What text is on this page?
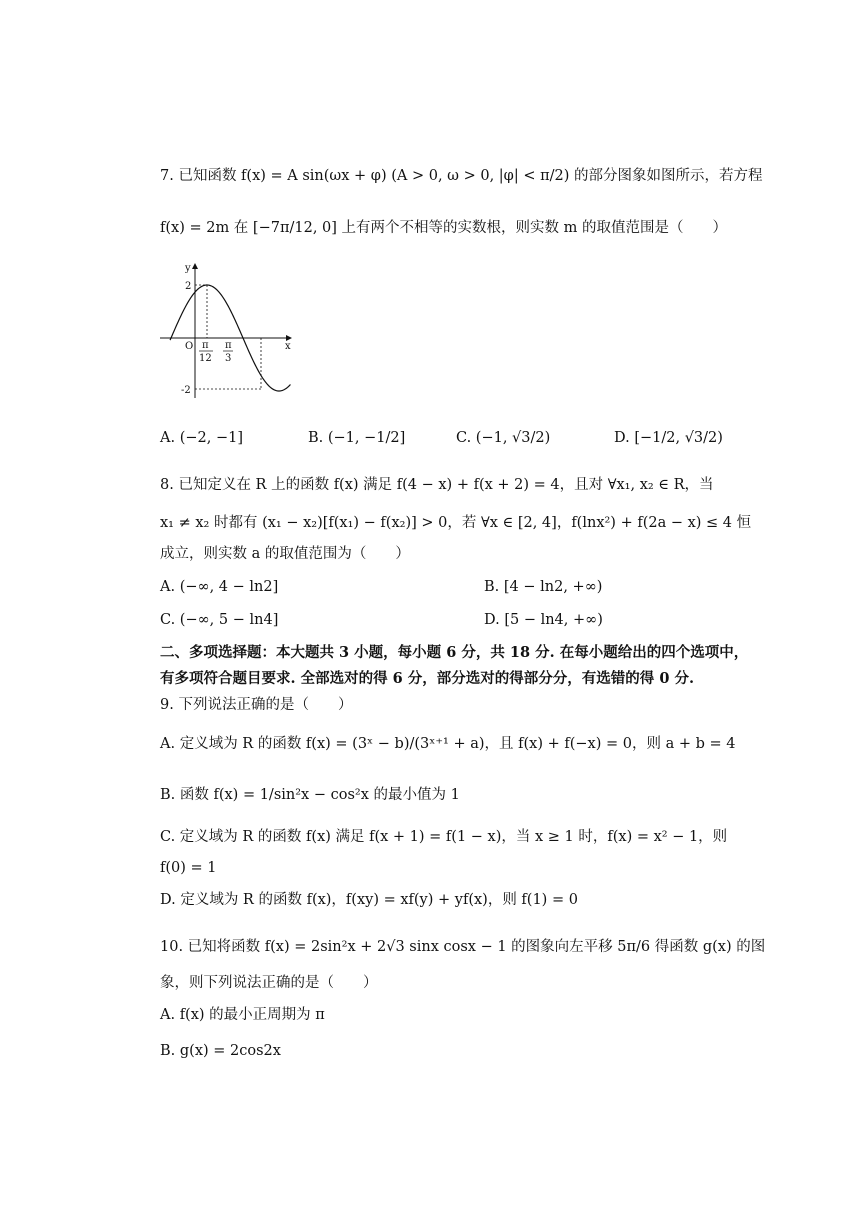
7. 已知函数 f(x) = A sin(ωx + φ) (A > 0, ω > 0, |φ| < π/2) 的部分图象如图所示，若方程
f(x) = 2m 在 [−7π/12, 0] 上有两个不相等的实数根，则实数 m 的取值范围是（　　）
y
x
O
2
-2
π
12
π
3
A. (−2, −1]	B. (−1, −1/2]	C. (−1, √3/2)	D. [−1/2, √3/2)
8. 已知定义在 R 上的函数 f(x) 满足 f(4 − x) + f(x + 2) = 4，且对 ∀x₁, x₂ ∈ R，当
x₁ ≠ x₂ 时都有 (x₁ − x₂)[f(x₁) − f(x₂)] > 0，若 ∀x ∈ [2, 4]，f(lnx²) + f(2a − x) ≤ 4 恒
成立，则实数 a 的取值范围为（　　）
A. (−∞, 4 − ln2]	B. [4 − ln2, +∞)
C. (−∞, 5 − ln4]	D. [5 − ln4, +∞)
二、多项选择题：本大题共 3 小题，每小题 6 分，共 18 分. 在每小题给出的四个选项中，
有多项符合题目要求. 全部选对的得 6 分，部分选对的得部分分，有选错的得 0 分.
9. 下列说法正确的是（　　）
A. 定义域为 R 的函数 f(x) = (3ˣ − b)/(3ˣ⁺¹ + a)，且 f(x) + f(−x) = 0，则 a + b = 4
B. 函数 f(x) = 1/sin²x − cos²x 的最小值为 1
C. 定义域为 R 的函数 f(x) 满足 f(x + 1) = f(1 − x)，当 x ≥ 1 时，f(x) = x² − 1，则
f(0) = 1
D. 定义域为 R 的函数 f(x)，f(xy) = xf(y) + yf(x)，则 f(1) = 0
10. 已知将函数 f(x) = 2sin²x + 2√3 sinx cosx − 1 的图象向左平移 5π/6 得函数 g(x) 的图
象，则下列说法正确的是（　　）
A. f(x) 的最小正周期为 π
B. g(x) = 2cos2x
